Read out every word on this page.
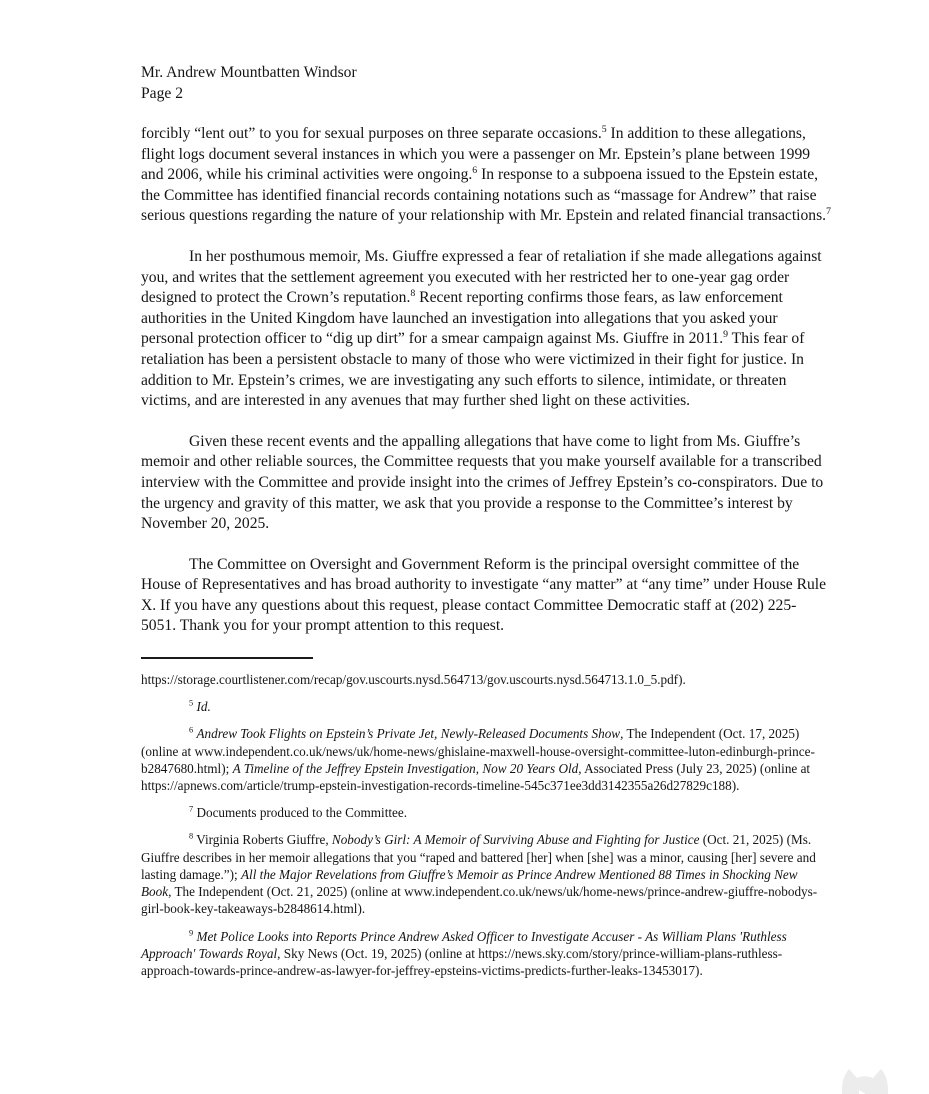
Mr. Andrew Mountbatten Windsor
Page 2

forcibly “lent out” to you for sexual purposes on three separate occasions.$^5$ In addition to these allegations, flight logs document several instances in which you were a passenger on Mr. Epstein’s plane between 1999 and 2006, while his criminal activities were ongoing.$^6$ In response to a subpoena issued to the Epstein estate, the Committee has identified financial records containing notations such as “massage for Andrew” that raise serious questions regarding the nature of your relationship with Mr. Epstein and related financial transactions.$^7$

In her posthumous memoir, Ms. Giuffre expressed a fear of retaliation if she made allegations against you, and writes that the settlement agreement you executed with her restricted her to one-year gag order designed to protect the Crown’s reputation.$^8$ Recent reporting confirms those fears, as law enforcement authorities in the United Kingdom have launched an investigation into allegations that you asked your personal protection officer to “dig up dirt” for a smear campaign against Ms. Giuffre in 2011.$^9$ This fear of retaliation has been a persistent obstacle to many of those who were victimized in their fight for justice. In addition to Mr. Epstein’s crimes, we are investigating any such efforts to silence, intimidate, or threaten victims, and are interested in any avenues that may further shed light on these activities.

Given these recent events and the appalling allegations that have come to light from Ms. Giuffre’s memoir and other reliable sources, the Committee requests that you make yourself available for a transcribed interview with the Committee and provide insight into the crimes of Jeffrey Epstein’s co-conspirators. Due to the urgency and gravity of this matter, we ask that you provide a response to the Committee’s interest by November 20, 2025.

The Committee on Oversight and Government Reform is the principal oversight committee of the House of Representatives and has broad authority to investigate “any matter” at “any time” under House Rule X. If you have any questions about this request, please contact Committee Democratic staff at (202) 225-5051. Thank you for your prompt attention to this request.

https://storage.courtlistener.com/recap/gov.uscourts.nysd.564713/gov.uscourts.nysd.564713.1.0_5.pdf).

$^5$ Id.

$^6$ Andrew Took Flights on Epstein’s Private Jet, Newly-Released Documents Show, The Independent (Oct. 17, 2025) (online at www.independent.co.uk/news/uk/home-news/ghislaine-maxwell-house-oversight-committee-luton-edinburgh-prince-b2847680.html); A Timeline of the Jeffrey Epstein Investigation, Now 20 Years Old, Associated Press (July 23, 2025) (online at https://apnews.com/article/trump-epstein-investigation-records-timeline-545c371ee3dd3142355a26d27829c188).

$^7$ Documents produced to the Committee.

$^8$ Virginia Roberts Giuffre, Nobody’s Girl: A Memoir of Surviving Abuse and Fighting for Justice (Oct. 21, 2025) (Ms. Giuffre describes in her memoir allegations that you “raped and battered [her] when [she] was a minor, causing [her] severe and lasting damage.”); All the Major Revelations from Giuffre’s Memoir as Prince Andrew Mentioned 88 Times in Shocking New Book, The Independent (Oct. 21, 2025) (online at www.independent.co.uk/news/uk/home-news/prince-andrew-giuffre-nobodys-girl-book-key-takeaways-b2848614.html).

$^9$ Met Police Looks into Reports Prince Andrew Asked Officer to Investigate Accuser - As William Plans 'Ruthless Approach' Towards Royal, Sky News (Oct. 19, 2025) (online at https://news.sky.com/story/prince-william-plans-ruthless-approach-towards-prince-andrew-as-lawyer-for-jeffrey-epsteins-victims-predicts-further-leaks-13453017).
